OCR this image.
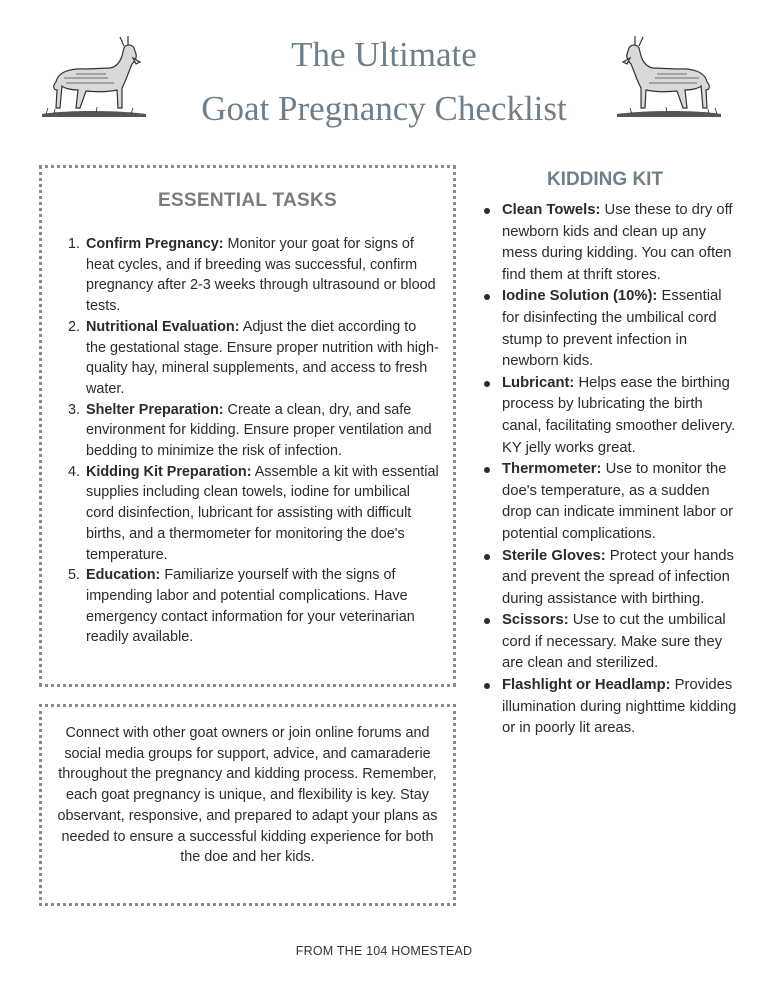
The Ultimate
Goat Pregnancy Checklist
ESSENTIAL TASKS
1. Confirm Pregnancy: Monitor your goat for signs of heat cycles, and if breeding was successful, confirm pregnancy after 2-3 weeks through ultrasound or blood tests.
2. Nutritional Evaluation: Adjust the diet according to the gestational stage. Ensure proper nutrition with high-quality hay, mineral supplements, and access to fresh water.
3. Shelter Preparation: Create a clean, dry, and safe environment for kidding. Ensure proper ventilation and bedding to minimize the risk of infection.
4. Kidding Kit Preparation: Assemble a kit with essential supplies including clean towels, iodine for umbilical cord disinfection, lubricant for assisting with difficult births, and a thermometer for monitoring the doe's temperature.
5. Education: Familiarize yourself with the signs of impending labor and potential complications. Have emergency contact information for your veterinarian readily available.

Connect with other goat owners or join online forums and social media groups for support, advice, and camaraderie throughout the pregnancy and kidding process. Remember, each goat pregnancy is unique, and flexibility is key. Stay observant, responsive, and prepared to adapt your plans as needed to ensure a successful kidding experience for both the doe and her kids.

KIDDING KIT
Clean Towels: Use these to dry off newborn kids and clean up any mess during kidding. You can often find them at thrift stores.
Iodine Solution (10%): Essential for disinfecting the umbilical cord stump to prevent infection in newborn kids.
Lubricant: Helps ease the birthing process by lubricating the birth canal, facilitating smoother delivery. KY jelly works great.
Thermometer: Use to monitor the doe's temperature, as a sudden drop can indicate imminent labor or potential complications.
Sterile Gloves: Protect your hands and prevent the spread of infection during assistance with birthing.
Scissors: Use to cut the umbilical cord if necessary. Make sure they are clean and sterilized.
Flashlight or Headlamp: Provides illumination during nighttime kidding or in poorly lit areas.

FROM THE 104 HOMESTEAD
